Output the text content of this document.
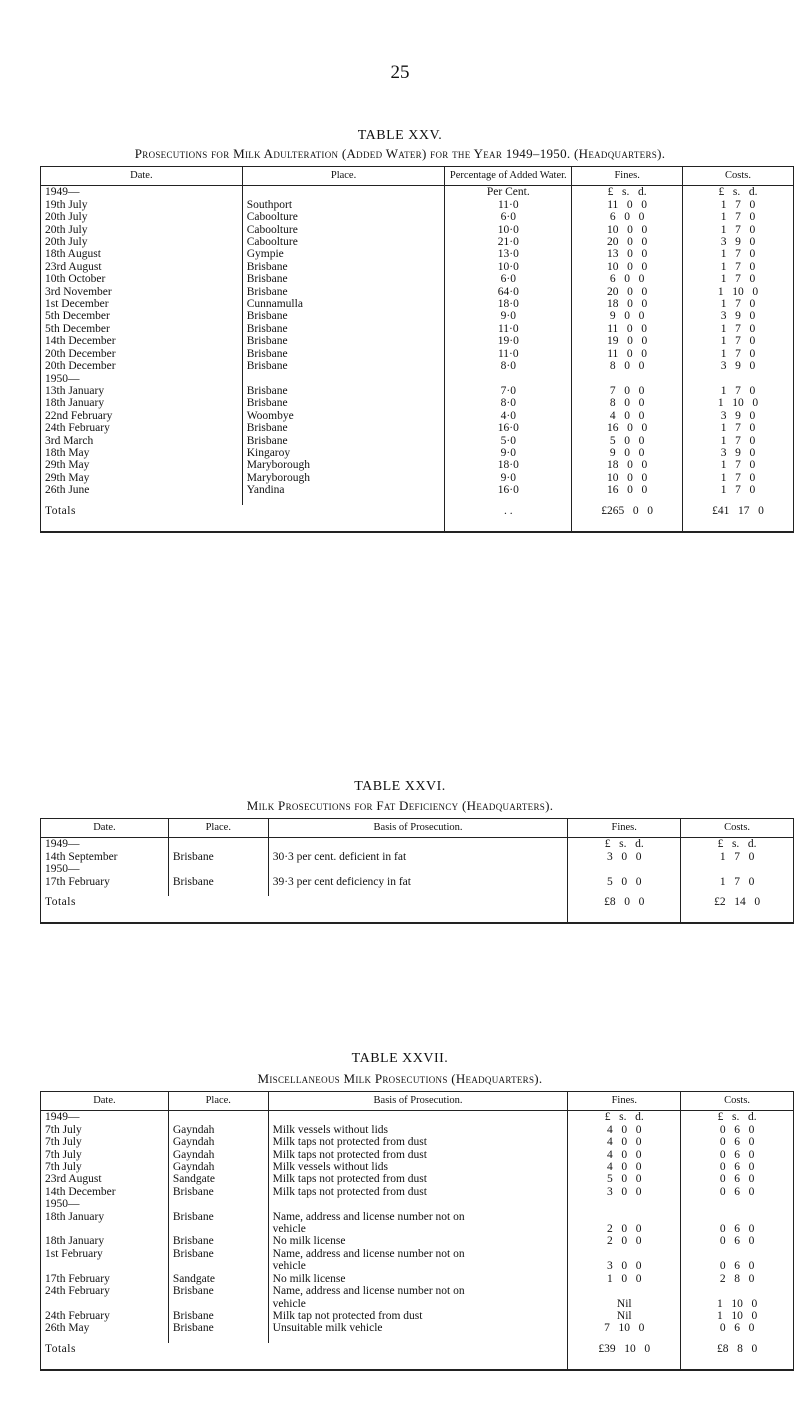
25
TABLE XXV.
Prosecutions for Milk Adulteration (Added Water) for the Year 1949–1950. (Headquarters).
Date.	Place.	Percentage of Added Water.	Fines.	Costs.
1949—		Per Cent.	£   s.   d.	£   s.   d.
19th July	Southport	11·0	11   0   0	1   7   0
20th July	Caboolture	6·0	6   0   0	1   7   0
20th July	Caboolture	10·0	10   0   0	1   7   0
20th July	Caboolture	21·0	20   0   0	3   9   0
18th August	Gympie	13·0	13   0   0	1   7   0
23rd August	Brisbane	10·0	10   0   0	1   7   0
10th October	Brisbane	6·0	6   0   0	1   7   0
3rd November	Brisbane	64·0	20   0   0	1   10   0
1st December	Cunnamulla	18·0	18   0   0	1   7   0
5th December	Brisbane	9·0	9   0   0	3   9   0
5th December	Brisbane	11·0	11   0   0	1   7   0
14th December	Brisbane	19·0	19   0   0	1   7   0
20th December	Brisbane	11·0	11   0   0	1   7   0
20th December	Brisbane	8·0	8   0   0	3   9   0
1950—				
13th January	Brisbane	7·0	7   0   0	1   7   0
18th January	Brisbane	8·0	8   0   0	1   10   0
22nd February	Woombye	4·0	4   0   0	3   9   0
24th February	Brisbane	16·0	16   0   0	1   7   0
3rd March	Brisbane	5·0	5   0   0	1   7   0
18th May	Kingaroy	9·0	9   0   0	3   9   0
29th May	Maryborough	18·0	18   0   0	1   7   0
29th May	Maryborough	9·0	10   0   0	1   7   0
26th June	Yandina	16·0	16   0   0	1   7   0

Totals		. .	£265   0   0	£41   17   0
TABLE XXVI.
Milk Prosecutions for Fat Deficiency (Headquarters).
Date.	Place.	Basis of Prosecution.	Fines.	Costs.
1949—			£   s.   d.	£   s.   d.
14th September	Brisbane	30·3 per cent. deficient in fat	3   0   0	1   7   0
1950—				
17th February	Brisbane	39·3 per cent deficiency in fat	5   0   0	1   7   0

Totals			£8   0   0	£2   14   0
TABLE XXVII.
Miscellaneous Milk Prosecutions (Headquarters).
Date.	Place.	Basis of Prosecution.	Fines.	Costs.
1949—			£   s.   d.	£   s.   d.
7th July	Gayndah	Milk vessels without lids	4   0   0	0   6   0
7th July	Gayndah	Milk taps not protected from dust	4   0   0	0   6   0
7th July	Gayndah	Milk taps not protected from dust	4   0   0	0   6   0
7th July	Gayndah	Milk vessels without lids	4   0   0	0   6   0
23rd August	Sandgate	Milk taps not protected from dust	5   0   0	0   6   0
14th December	Brisbane	Milk taps not protected from dust	3   0   0	0   6   0
1950—				
18th January	Brisbane	Name, address and license number not on
vehicle	2   0   0	0   6   0
18th January	Brisbane	No milk license	2   0   0	0   6   0
1st February	Brisbane	Name, address and license number not on
vehicle	3   0   0	0   6   0
17th February	Sandgate	No milk license	1   0   0	2   8   0
24th February	Brisbane	Name, address and license number not on
vehicle	Nil	1   10   0
24th February	Brisbane	Milk tap not protected from dust	Nil	1   10   0
26th May	Brisbane	Unsuitable milk vehicle	7   10   0	0   6   0

Totals			£39   10   0	£8   8   0
